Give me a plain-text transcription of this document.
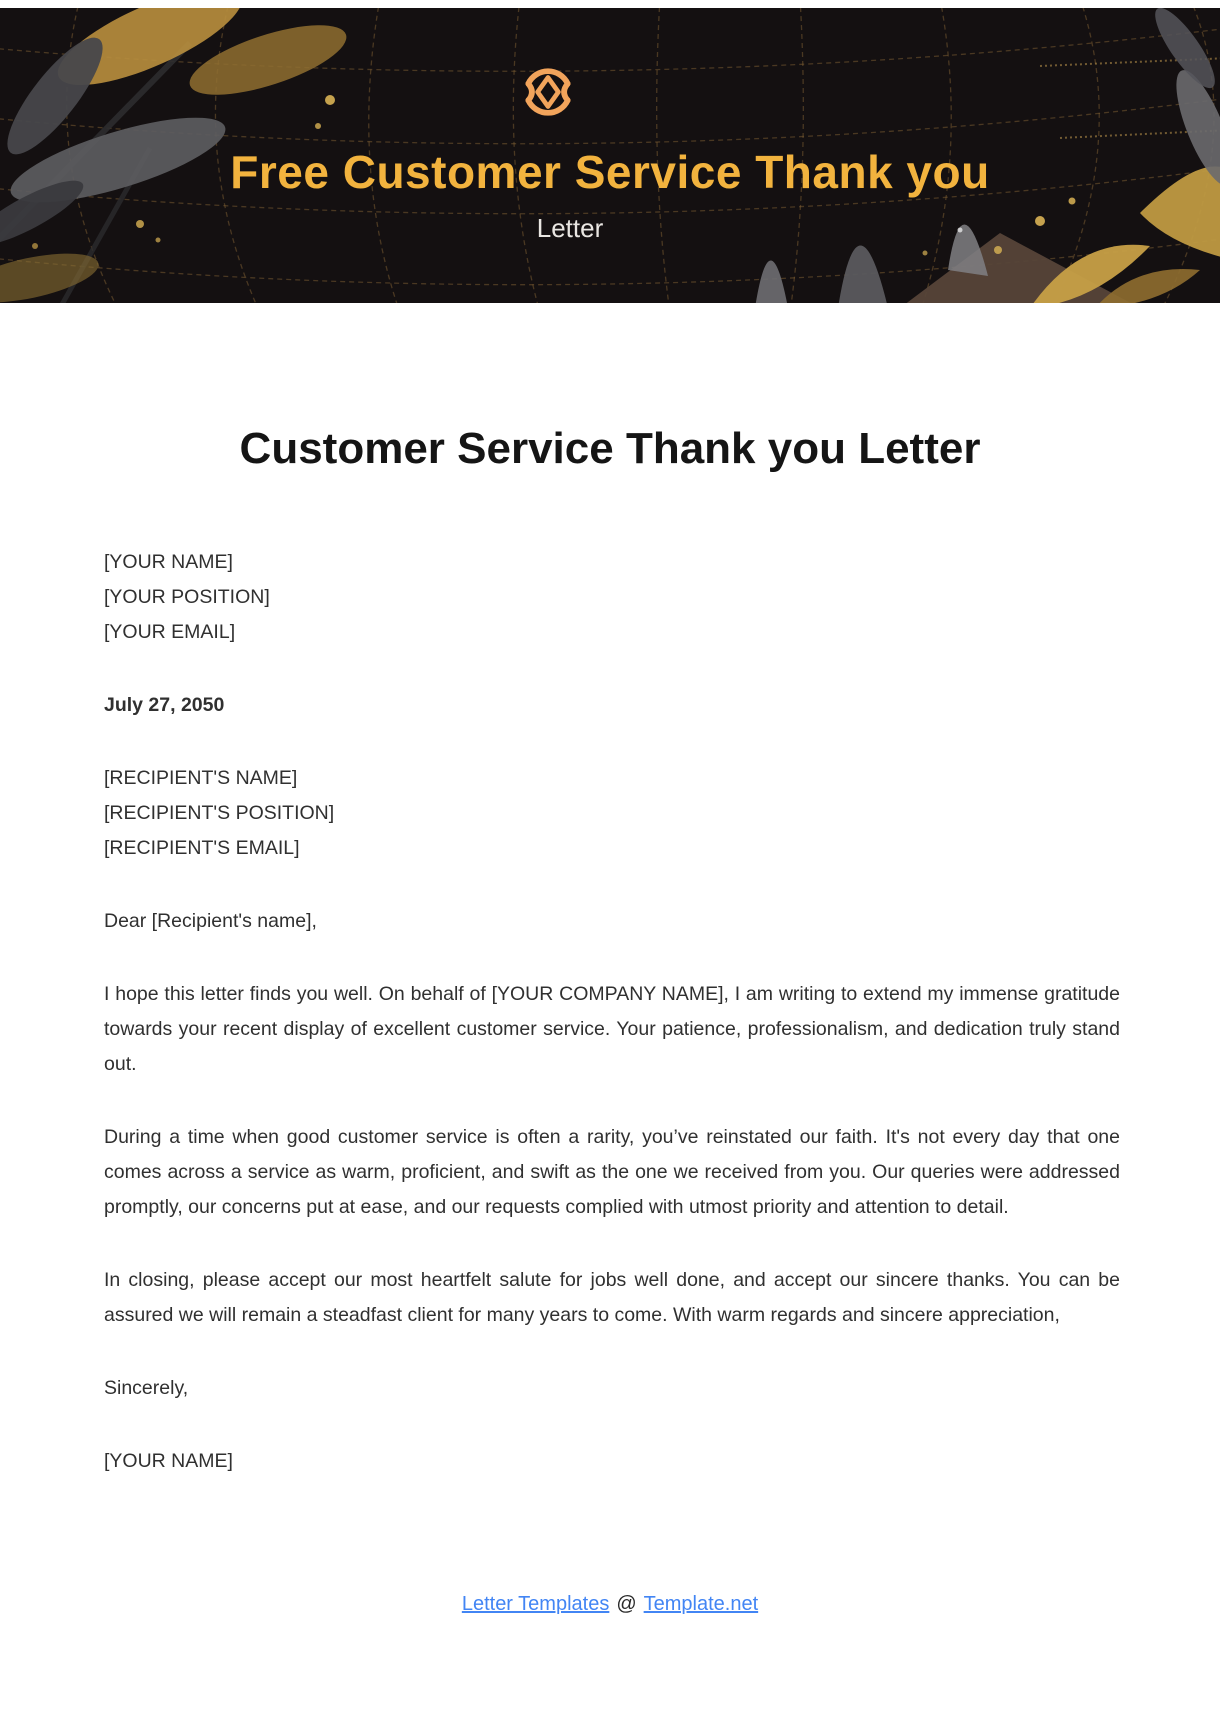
Free Customer Service Thank you
Letter
Customer Service Thank you Letter
[YOUR NAME]
[YOUR POSITION]
[YOUR EMAIL]

July 27, 2050

[RECIPIENT'S NAME]
[RECIPIENT'S POSITION]
[RECIPIENT'S EMAIL]

Dear [Recipient's name],

I hope this letter finds you well. On behalf of [YOUR COMPANY NAME], I am writing to extend my immense gratitude towards your recent display of excellent customer service. Your patience, professionalism, and dedication truly stand out.

During a time when good customer service is often a rarity, you’ve reinstated our faith. It's not every day that one comes across a service as warm, proficient, and swift as the one we received from you. Our queries were addressed promptly, our concerns put at ease, and our requests complied with utmost priority and attention to detail.

In closing, please accept our most heartfelt salute for jobs well done, and accept our sincere thanks. You can be assured we will remain a steadfast client for many years to come. With warm regards and sincere appreciation,

Sincerely,

[YOUR NAME]

Letter Templates @ Template.net
